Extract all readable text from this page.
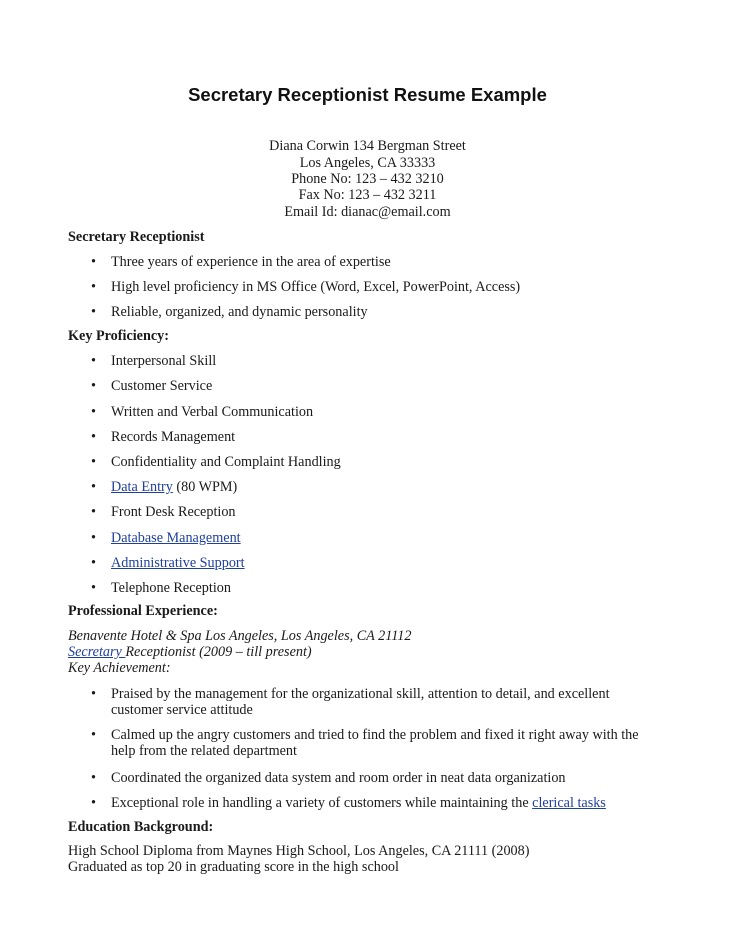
Secretary Receptionist Resume Example
Diana Corwin 134 Bergman Street
Los Angeles, CA 33333
Phone No: 123 – 432 3210
Fax No: 123 – 432 3211
Email Id: dianac@email.com
Secretary Receptionist
• Three years of experience in the area of expertise
• High level proficiency in MS Office (Word, Excel, PowerPoint, Access)
• Reliable, organized, and dynamic personality
Key Proficiency:
• Interpersonal Skill
• Customer Service
• Written and Verbal Communication
• Records Management
• Confidentiality and Complaint Handling
• Data Entry (80 WPM)
• Front Desk Reception
• Database Management
• Administrative Support
• Telephone Reception
Professional Experience:
Benavente Hotel & Spa Los Angeles, Los Angeles, CA 21112
Secretary Receptionist (2009 – till present)
Key Achievement:
• Praised by the management for the organizational skill, attention to detail, and excellent
customer service attitude
• Calmed up the angry customers and tried to find the problem and fixed it right away with the
help from the related department
• Coordinated the organized data system and room order in neat data organization
• Exceptional role in handling a variety of customers while maintaining the clerical tasks
Education Background:
High School Diploma from Maynes High School, Los Angeles, CA 21111 (2008)
Graduated as top 20 in graduating score in the high school
